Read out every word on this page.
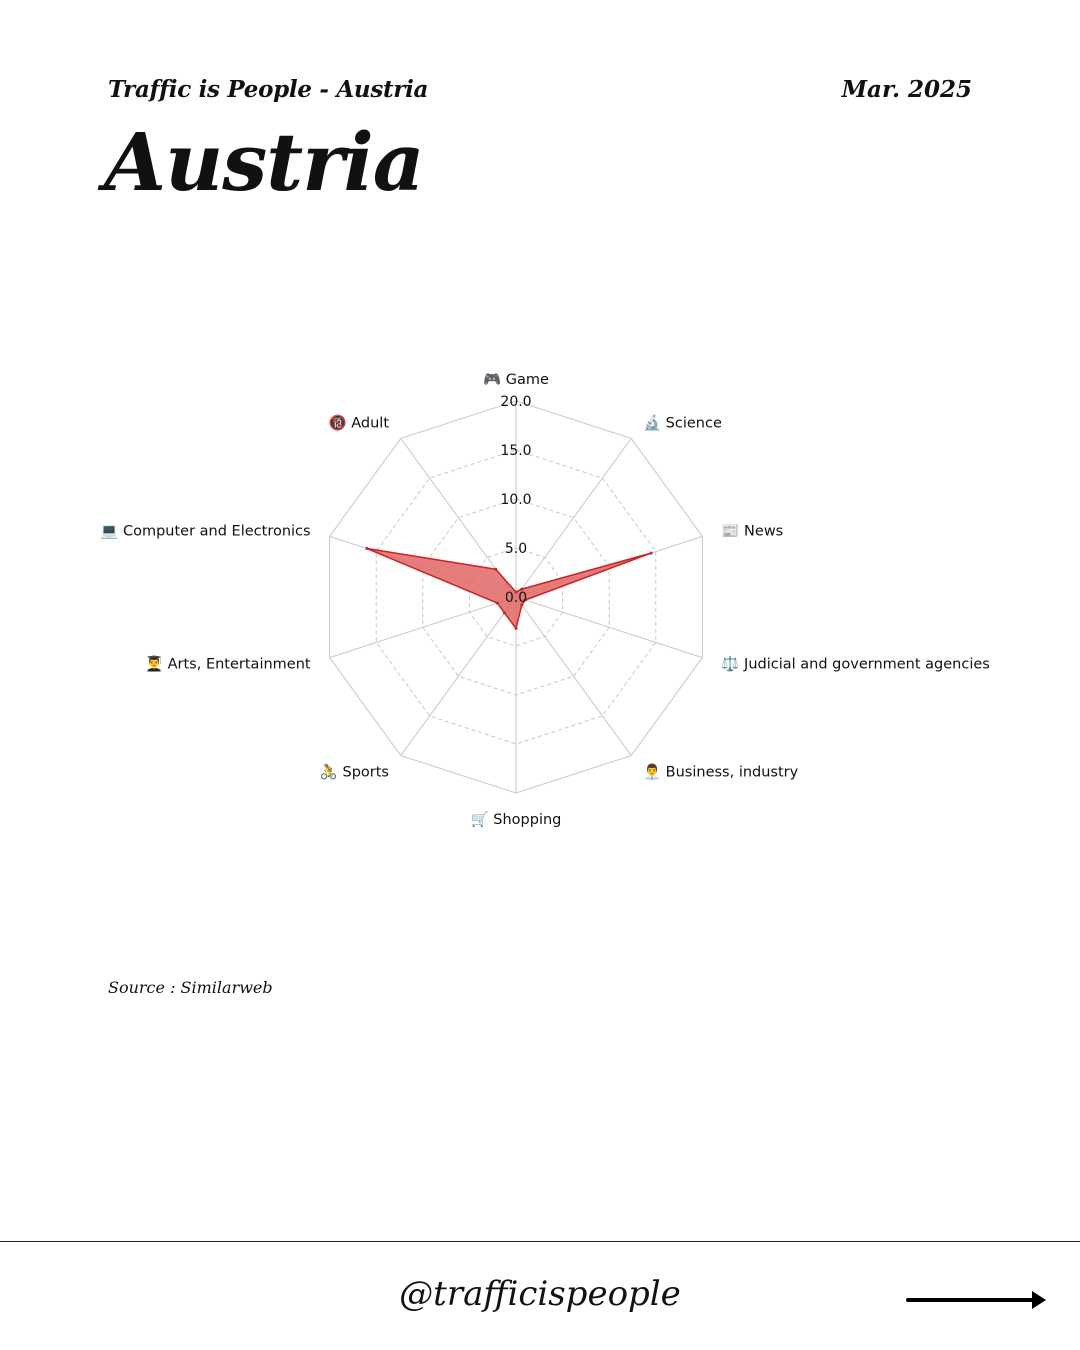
Traffic is People - Austria	Mar. 2025
Austria
0.0
5.0
10.0
15.0
20.0
🎮 Game
🔬 Science
📰 News
⚖️ Judicial and government agencies
👨‍💼 Business, industry
🛒 Shopping
🚴 Sports
👨‍🎓 Arts, Entertainment
💻 Computer and Electronics
🔞 Adult

Source : Similarweb

@trafficispeople
